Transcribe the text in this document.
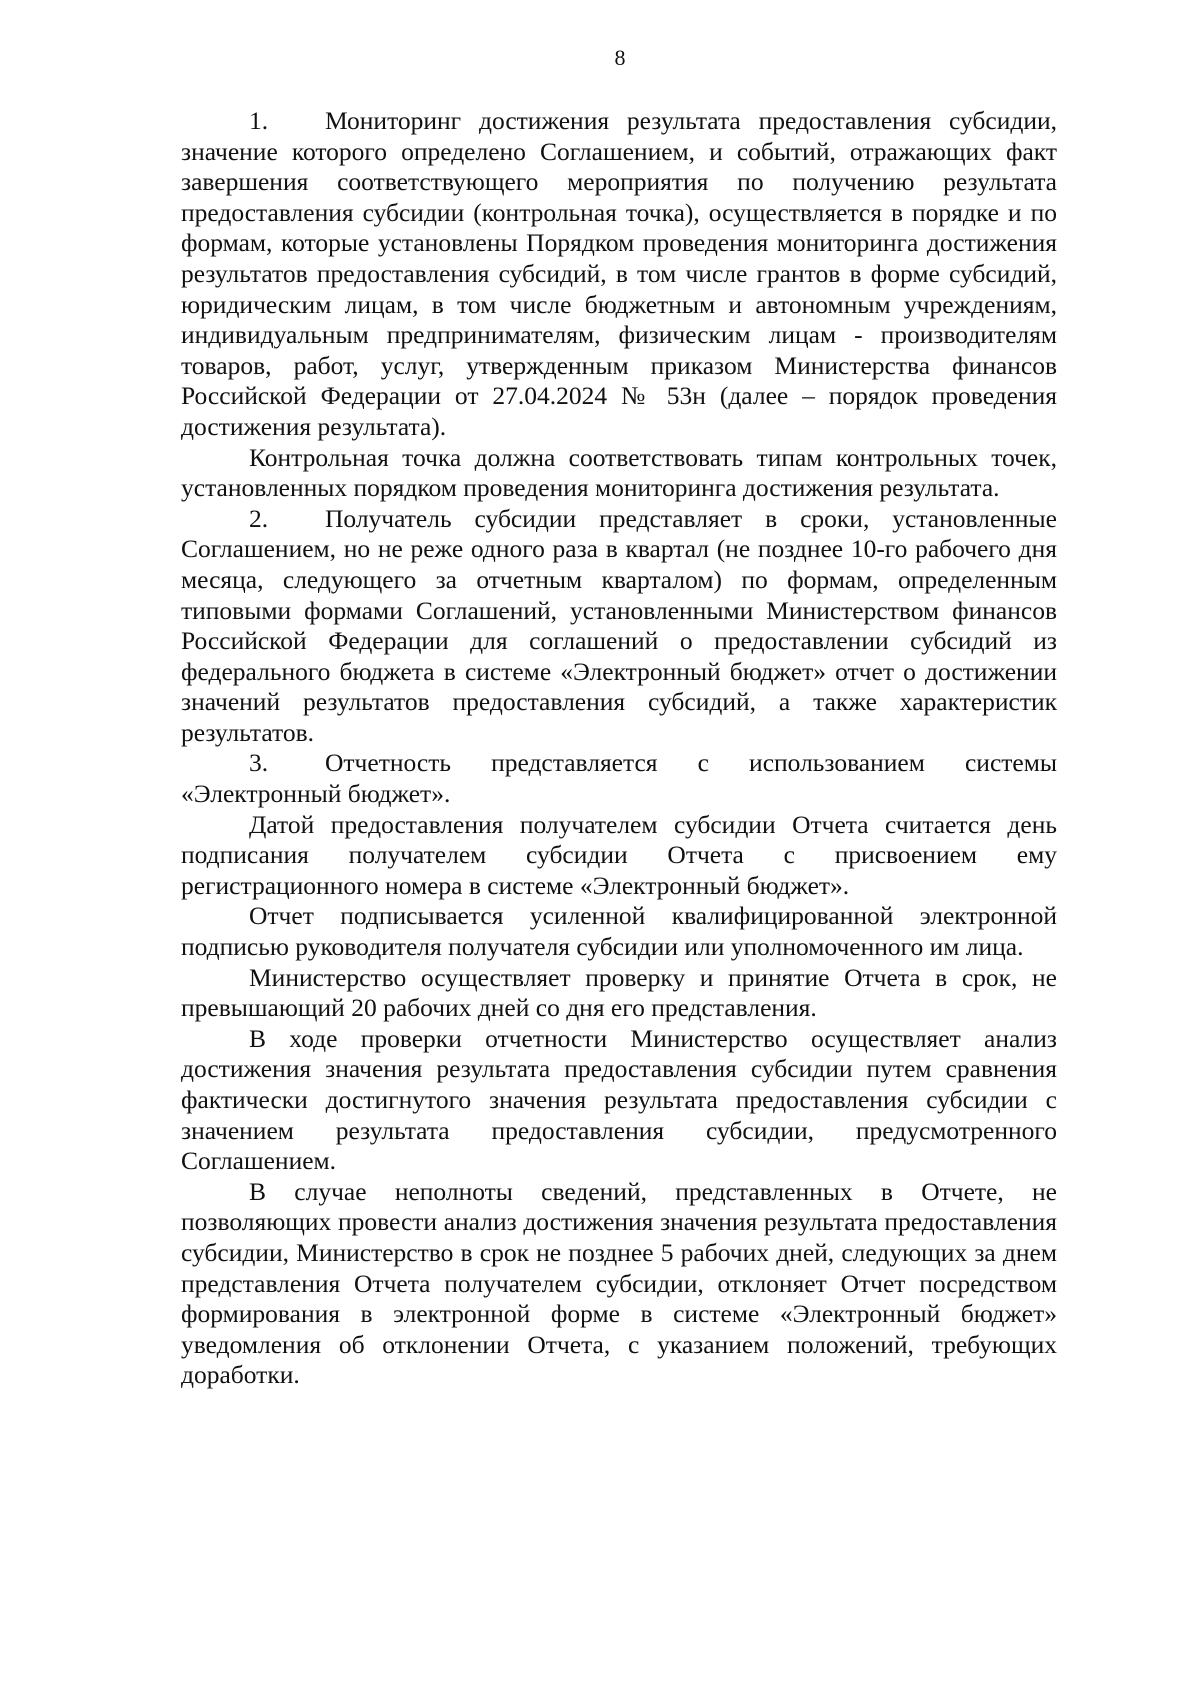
8

1. Мониторинг достижения результата предоставления субсидии, значение которого определено Соглашением, и событий, отражающих факт завершения соответствующего мероприятия по получению результата предоставления субсидии (контрольная точка), осуществляется в порядке и по формам, которые установлены Порядком проведения мониторинга достижения результатов предоставления субсидий, в том числе грантов в форме субсидий, юридическим лицам, в том числе бюджетным и автономным учреждениям, индивидуальным предпринимателям, физическим лицам - производителям товаров, работ, услуг, утвержденным приказом Министерства финансов Российской Федерации от 27.04.2024 № 53н (далее – порядок проведения достижения результата).

Контрольная точка должна соответствовать типам контрольных точек, установленных порядком проведения мониторинга достижения результата.

2. Получатель субсидии представляет в сроки, установленные Соглашением, но не реже одного раза в квартал (не позднее 10-го рабочего дня месяца, следующего за отчетным кварталом) по формам, определенным типовыми формами Соглашений, установленными Министерством финансов Российской Федерации для соглашений о предоставлении субсидий из федерального бюджета в системе «Электронный бюджет» отчет о достижении значений результатов предоставления субсидий, а также характеристик результатов.

3. Отчетность представляется с использованием системы «Электронный бюджет».

Датой предоставления получателем субсидии Отчета считается день подписания получателем субсидии Отчета с присвоением ему регистрационного номера в системе «Электронный бюджет».

Отчет подписывается усиленной квалифицированной электронной подписью руководителя получателя субсидии или уполномоченного им лица.

Министерство осуществляет проверку и принятие Отчета в срок, не превышающий 20 рабочих дней со дня его представления.

В ходе проверки отчетности Министерство осуществляет анализ достижения значения результата предоставления субсидии путем сравнения фактически достигнутого значения результата предоставления субсидии с значением результата предоставления субсидии, предусмотренного Соглашением.

В случае неполноты сведений, представленных в Отчете, не позволяющих провести анализ достижения значения результата предоставления субсидии, Министерство в срок не позднее 5 рабочих дней, следующих за днем представления Отчета получателем субсидии, отклоняет Отчет посредством формирования в электронной форме в системе «Электронный бюджет» уведомления об отклонении Отчета, с указанием положений, требующих доработки.
